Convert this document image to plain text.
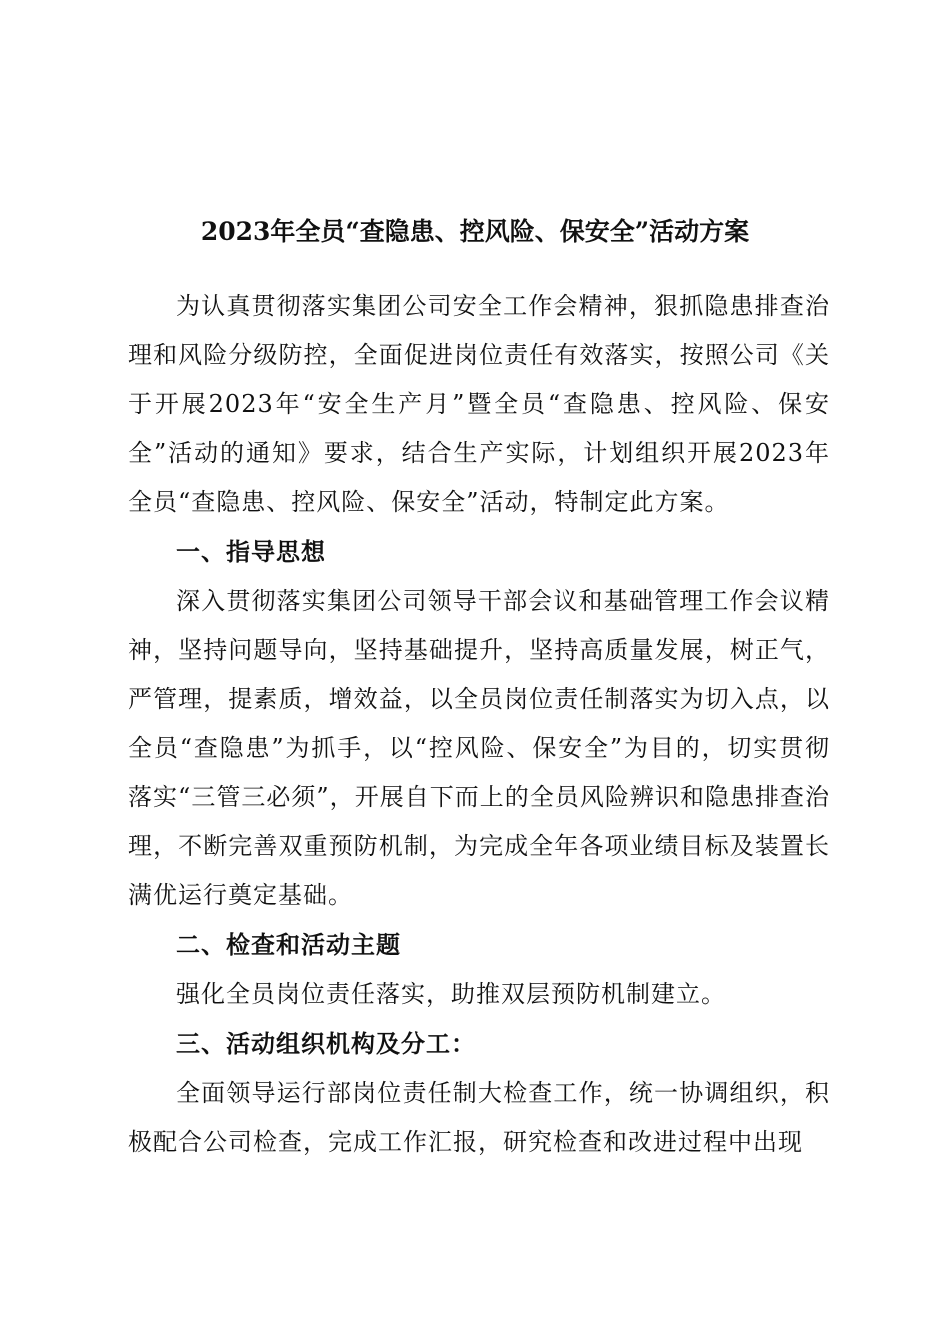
2023年全员“查隐患、控风险、保安全”活动方案

为认真贯彻落实集团公司安全工作会精神，狠抓隐患排查治理和风险分级防控，全面促进岗位责任有效落实，按照公司《关于开展2023年“安全生产月”暨全员“查隐患、控风险、保安全”活动的通知》要求，结合生产实际，计划组织开展2023年全员“查隐患、控风险、保安全”活动，特制定此方案。

一、指导思想

深入贯彻落实集团公司领导干部会议和基础管理工作会议精神，坚持问题导向，坚持基础提升，坚持高质量发展，树正气，严管理，提素质，增效益，以全员岗位责任制落实为切入点，以全员“查隐患”为抓手，以“控风险、保安全”为目的，切实贯彻落实“三管三必须”，开展自下而上的全员风险辨识和隐患排查治理，不断完善双重预防机制，为完成全年各项业绩目标及装置长满优运行奠定基础。

二、检查和活动主题

强化全员岗位责任落实，助推双层预防机制建立。

三、活动组织机构及分工：

全面领导运行部岗位责任制大检查工作，统一协调组织，积极配合公司检查，完成工作汇报，研究检查和改进过程中出现
